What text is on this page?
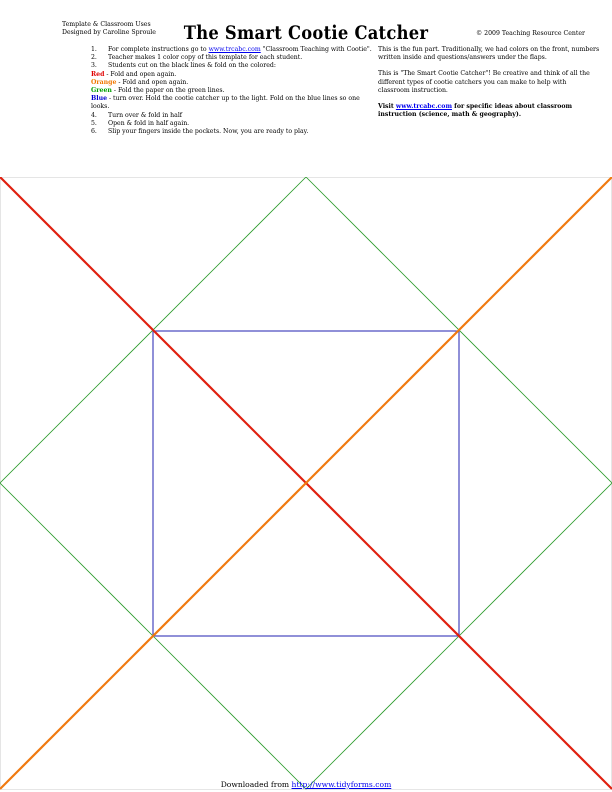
Template & Classroom Uses
Designed by Caroline Sproule	The Smart Cootie Catcher	© 2009 Teaching Resource Center
1.	For complete instructions go to www.trcabc.com "Classroom Teaching with Cootie".
2.	Teacher makes 1 color copy of this template for each student.
3.	Students cut on the black lines & fold on the colored:
Red - Fold and open again.
Orange - Fold and open again.
Green - Fold the paper on the green lines.
Blue - turn over. Hold the cootie catcher up to the light. Fold on the blue lines so one looks.
4.	Turn over & fold in half
5.	Open & fold in half again.
6.	Slip your fingers inside the pockets. Now, you are ready to play.

This is the fun part. Traditionally, we had colors on the front, numbers written inside and questions/answers under the flaps.

This is "The Smart Cootie Catcher"! Be creative and think of all the different types of cootie catchers you can make to help with classroom instruction.

Visit www.trcabc.com for specific ideas about classroom instruction (science, math & geography).

Downloaded from http://www.tidyforms.com
